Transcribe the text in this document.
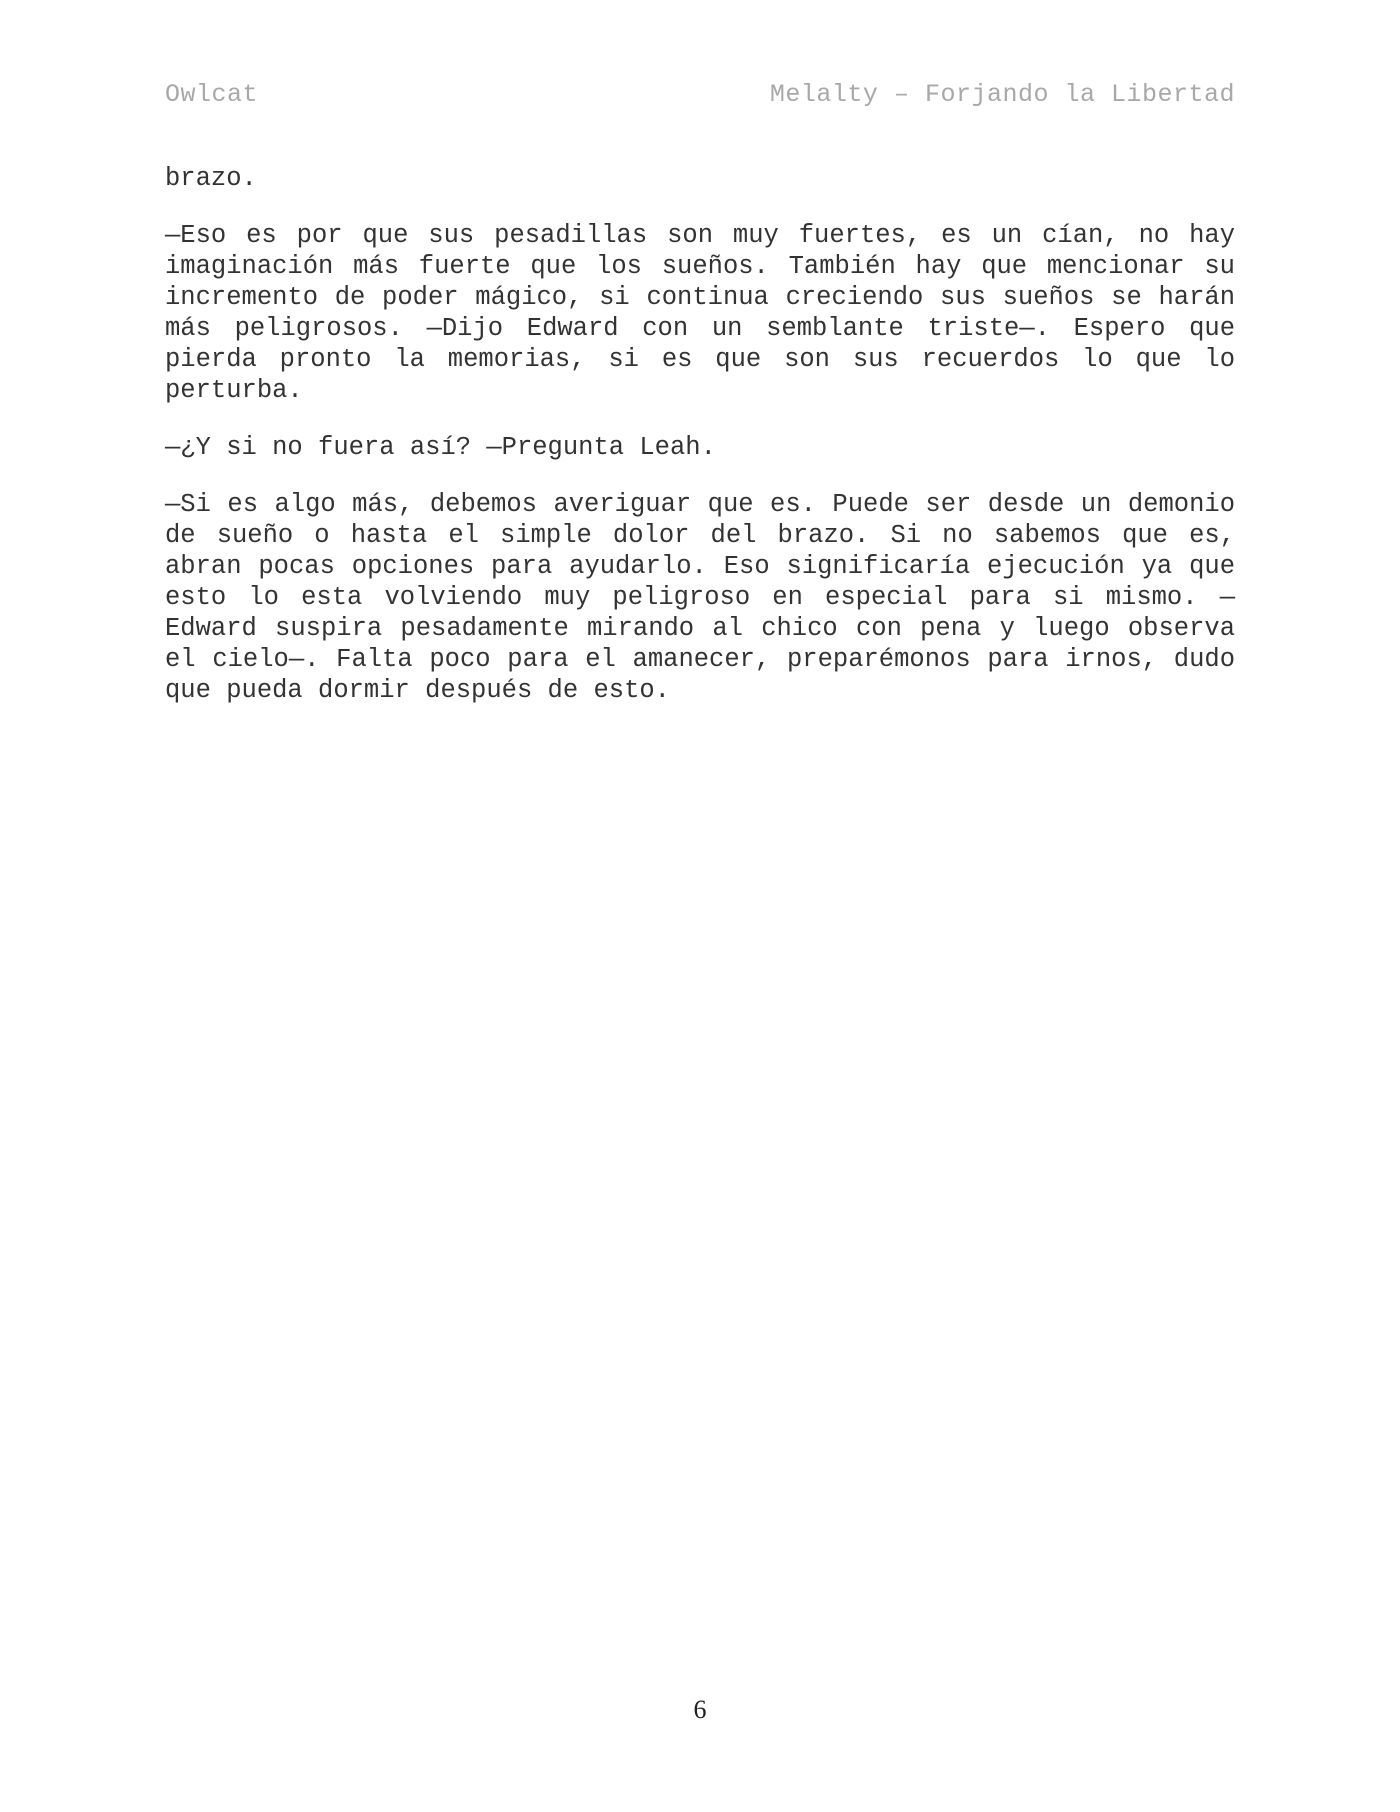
Owlcat	Melalty – Forjando la Libertad

brazo.

—Eso es por que sus pesadillas son muy fuertes, es un cían, no hay imaginación más fuerte que los sueños. También hay que mencionar su incremento de poder mágico, si continua creciendo sus sueños se harán más peligrosos. —Dijo Edward con un semblante triste—. Espero que pierda pronto la memorias, si es que son sus recuerdos lo que lo perturba.

—¿Y si no fuera así? —Pregunta Leah.

—Si es algo más, debemos averiguar que es. Puede ser desde un demonio de sueño o hasta el simple dolor del brazo. Si no sabemos que es, abran pocas opciones para ayudarlo. Eso significaría ejecución ya que esto lo esta volviendo muy peligroso en especial para si mismo. —Edward suspira pesadamente mirando al chico con pena y luego observa el cielo—. Falta poco para el amanecer, preparémonos para irnos, dudo que pueda dormir después de esto.

6
